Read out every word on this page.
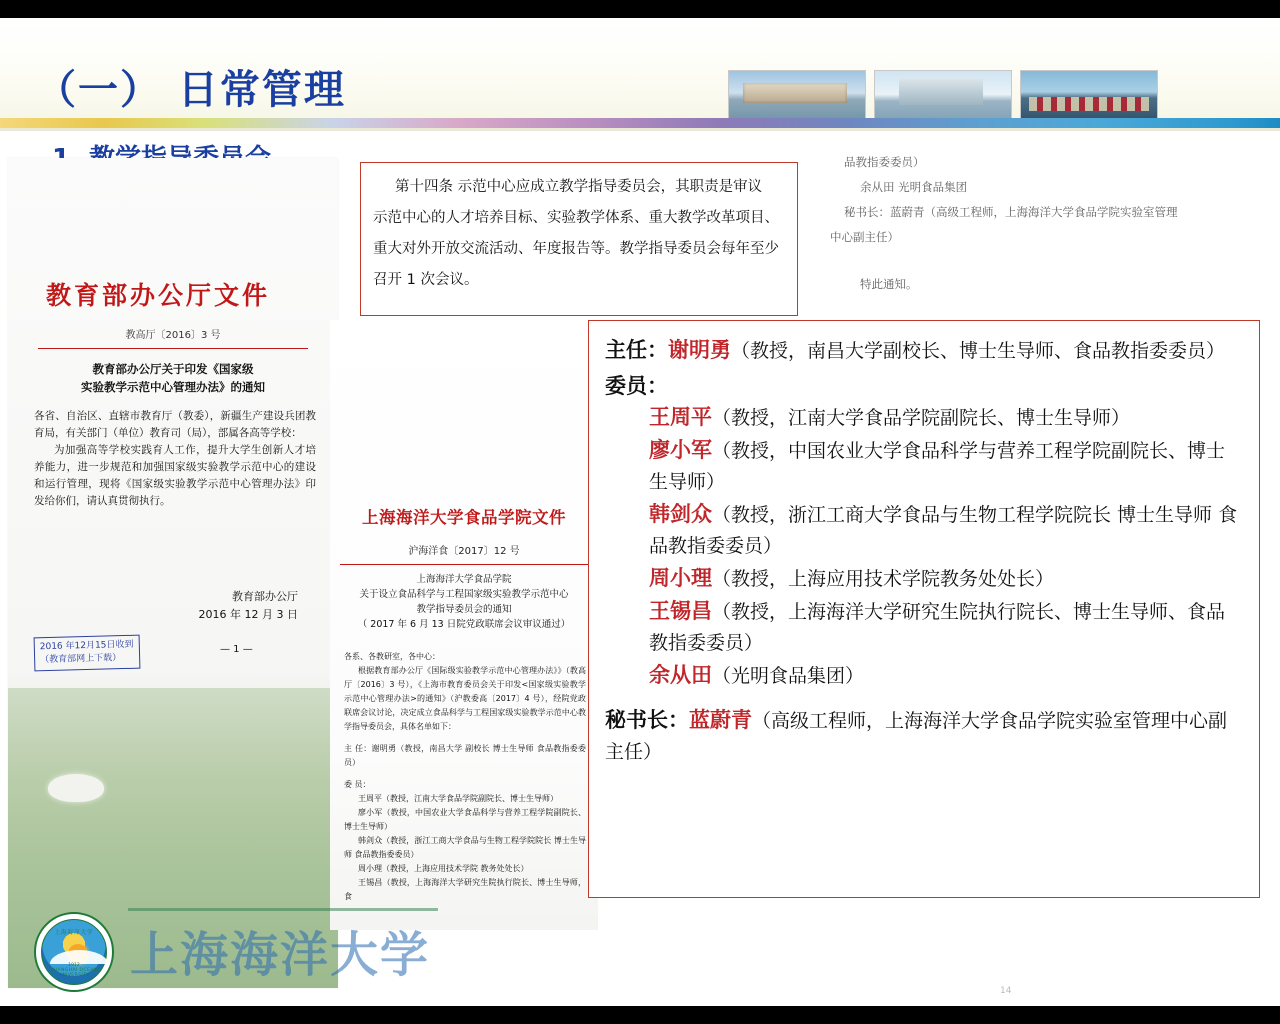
（一） 日常管理
教育部办公厅文件
教高厅〔2016〕3 号
教育部办公厅关于印发《国家级
实验教学示范中心管理办法》的通知
各省、自治区、直辖市教育厅（教委），新疆生产建设兵团教育局，有关部门（单位）教育司（局），部属各高等学校：
为加强高等学校实践育人工作，提升大学生创新人才培养能力，进一步规范和加强国家级实验教学示范中心的建设和运行管理，现将《国家级实验教学示范中心管理办法》印发给你们，请认真贯彻执行。
教育部办公厅
2016 年 12 月 3 日
2016 年12月15日收到
（教育部网上下载）
— 1 —

第十四条 示范中心应成立教学指导委员会，其职责是审议

示范中心的人才培养目标、实验教学体系、重大教学改革项目、

重大对外开放交流活动、年度报告等。教学指导委员会每年至少

召开 1 次会议。

品教指委委员）
余从田 光明食品集团
秘书长：蓝蔚青（高级工程师，上海海洋大学食品学院实验室管理
中心副主任）
特此通知。
上海海洋大学食品学院文件
沪海洋食〔2017〕12 号
上海海洋大学食品学院
关于设立食品科学与工程国家级实验教学示范中心
教学指导委员会的通知
（ 2017 年 6 月 13 日院党政联席会议审议通过）
各系、各教研室，各中心：
根据教育部办公厅《国际级实验教学示范中心管理办法》》（教高厅〔2016〕3 号），《上海市教育委员会关于印发<国家级实验教学示范中心管理办法>的通知》（沪教委高〔2017〕4 号），经院党政联席会议讨论，决定成立食品科学与工程国家级实验教学示范中心教学指导委员会，具体名单如下：
主 任：谢明勇（教授，南昌大学 副校长 博士生导师 食品教指委委员）
委 员：
王周平（教授，江南大学食品学院副院长、博士生导师）
廖小军（教授，中国农业大学食品科学与营养工程学院副院长、博士生导师）
韩剑众（教授，浙江工商大学食品与生物工程学院院长 博士生导师 食品教指委委员）
周小理（教授，上海应用技术学院 教务处处长）
王锡昌（教授，上海海洋大学研究生院执行院长、博士生导师，食
主任：谢明勇（教授，南昌大学副校长、博士生导师、食品教指委委员）
委员：
王周平（教授，江南大学食品学院副院长、博士生导师）
廖小军（教授，中国农业大学食品科学与营养工程学院副院长、博士生导师）
韩剑众（教授，浙江工商大学食品与生物工程学院院长 博士生导师 食品教指委委员）
周小理（教授，上海应用技术学院教务处处长）
王锡昌（教授，上海海洋大学研究生院执行院长、博士生导师、食品教指委委员）
余从田（光明食品集团）
秘书长：蓝蔚青（高级工程师，上海海洋大学食品学院实验室管理中心副主任）
上海海洋大学
上海海洋大学
1912
SHANGHAI OCEAN UNIVERSITY
14
